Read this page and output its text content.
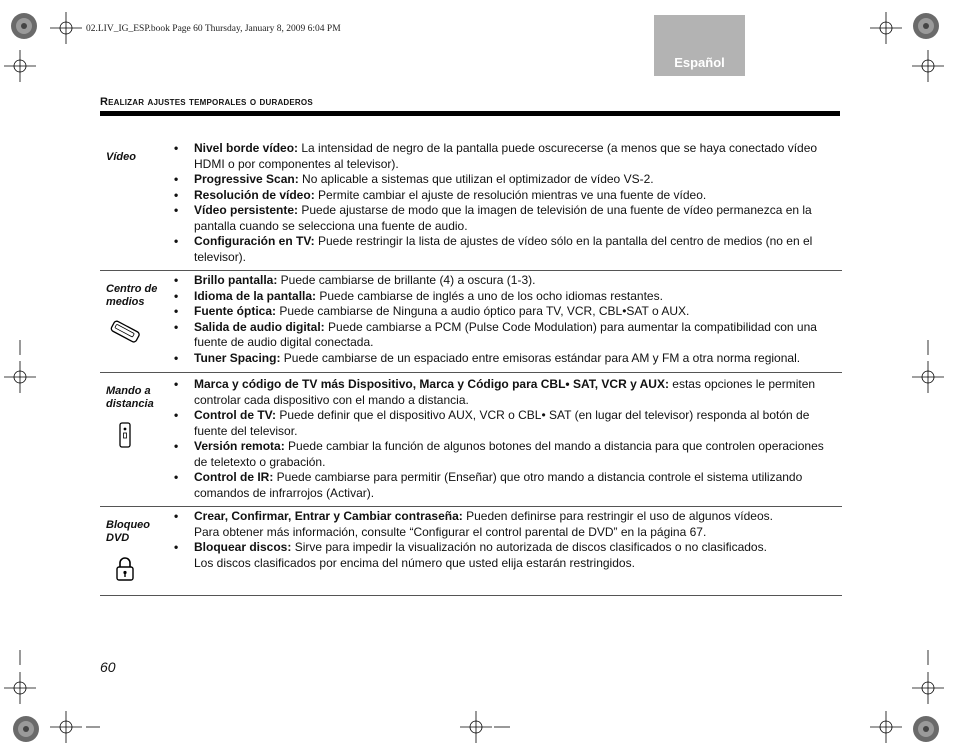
02.LIV_IG_ESP.book Page 60 Thursday, January 8, 2009 6:04 PM
Español
Realizar ajustes temporales o duraderos
Vídeo
• Nivel borde vídeo: La intensidad de negro de la pantalla puede oscurecerse (a menos que se haya conectado vídeo HDMI o por componentes al televisor).
• Progressive Scan: No aplicable a sistemas que utilizan el optimizador de vídeo VS-2.
• Resolución de vídeo: Permite cambiar el ajuste de resolución mientras ve una fuente de vídeo.
• Vídeo persistente: Puede ajustarse de modo que la imagen de televisión de una fuente de vídeo permanezca en la pantalla cuando se selecciona una fuente de audio.
• Configuración en TV: Puede restringir la lista de ajustes de vídeo sólo en la pantalla del centro de medios (no en el televisor).
Centro de medios
• Brillo pantalla: Puede cambiarse de brillante (4) a oscura (1-3).
• Idioma de la pantalla: Puede cambiarse de inglés a uno de los ocho idiomas restantes.
• Fuente óptica: Puede cambiarse de Ninguna a audio óptico para TV, VCR, CBL•SAT o AUX.
• Salida de audio digital: Puede cambiarse a PCM (Pulse Code Modulation) para aumentar la compatibilidad con una fuente de audio digital conectada.
• Tuner Spacing: Puede cambiarse de un espaciado entre emisoras estándar para AM y FM a otra norma regional.
Mando a distancia
• Marca y código de TV más Dispositivo, Marca y Código para CBL• SAT, VCR y AUX: estas opciones le permiten controlar cada dispositivo con el mando a distancia.
• Control de TV: Puede definir que el dispositivo AUX, VCR o CBL• SAT (en lugar del televisor) responda al botón de fuente del televisor.
• Versión remota: Puede cambiar la función de algunos botones del mando a distancia para que controlen operaciones de teletexto o grabación.
• Control de IR: Puede cambiarse para permitir (Enseñar) que otro mando a distancia controle el sistema utilizando comandos de infrarrojos (Activar).
Bloqueo DVD
• Crear, Confirmar, Entrar y Cambiar contraseña: Pueden definirse para restringir el uso de algunos vídeos.
Para obtener más información, consulte “Configurar el control parental de DVD” en la página 67.
• Bloquear discos: Sirve para impedir la visualización no autorizada de discos clasificados o no clasificados.
Los discos clasificados por encima del número que usted elija estarán restringidos.
60
